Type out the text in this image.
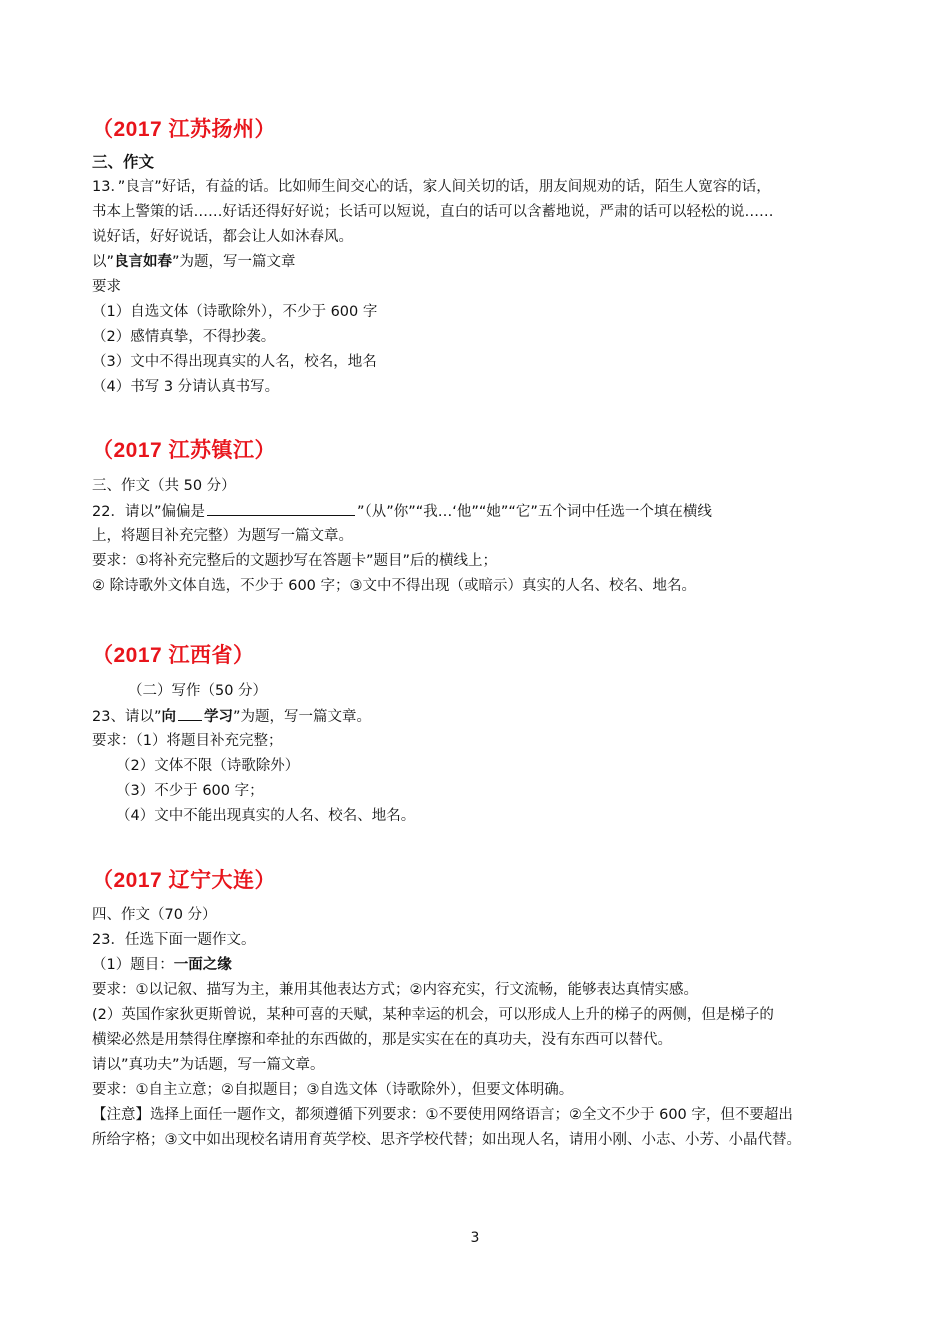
（2017 江苏扬州）
三、作文
13．”良言”好话，有益的话。比如师生间交心的话，家人间关切的话，朋友间规劝的话，陌生人宽容的话，
书本上警策的话……好话还得好好说；长话可以短说，直白的话可以含蓄地说，严肃的话可以轻松的说……
说好话，好好说话，都会让人如沐春风。
以”良言如春”为题，写一篇文章
要求
（1）自选文体（诗歌除外），不少于 600 字
（2）感情真挚，不得抄袭。
（3）文中不得出现真实的人名，校名，地名
（4）书写 3 分请认真书写。
（2017 江苏镇江）
三、作文（共 50 分）
22．请以”偏偏是	”（从”你”“我…‘他”“她”“它”五个词中任选一个填在横线
上，将题目补充完整）为题写一篇文章。
要求：①将补充完整后的文题抄写在答题卡”题目”后的横线上；
② 除诗歌外文体自选，不少于 600 字；③文中不得出现（或暗示）真实的人名、校名、地名。
（2017 江西省）
（二）写作（50 分）
23、请以”向 学习”为题，写一篇文章。
要求：（1）将题目补充完整；
（2）文体不限（诗歌除外）
（3）不少于 600 字；
（4）文中不能出现真实的人名、校名、地名。
（2017 辽宁大连）
四、作文（70 分）
23．任选下面一题作文。
（1）题目：一面之缘
要求：①以记叙、描写为主，兼用其他表达方式；②内容充实，行文流畅，能够表达真情实感。
(2）英国作家狄更斯曾说，某种可喜的天赋，某种幸运的机会，可以形成人上升的梯子的两侧，但是梯子的
横梁必然是用禁得住摩擦和牵扯的东西做的，那是实实在在的真功夫，没有东西可以替代。
请以”真功夫”为话题，写一篇文章。
要求：①自主立意；②自拟题目；③自选文体（诗歌除外），但要文体明确。
【注意】选择上面任一题作文，都须遵循下列要求：①不要使用网络语言；②全文不少于 600 字，但不要超出
所给字格；③文中如出现校名请用育英学校、思齐学校代替；如出现人名，请用小刚、小志、小芳、小晶代替。
3
